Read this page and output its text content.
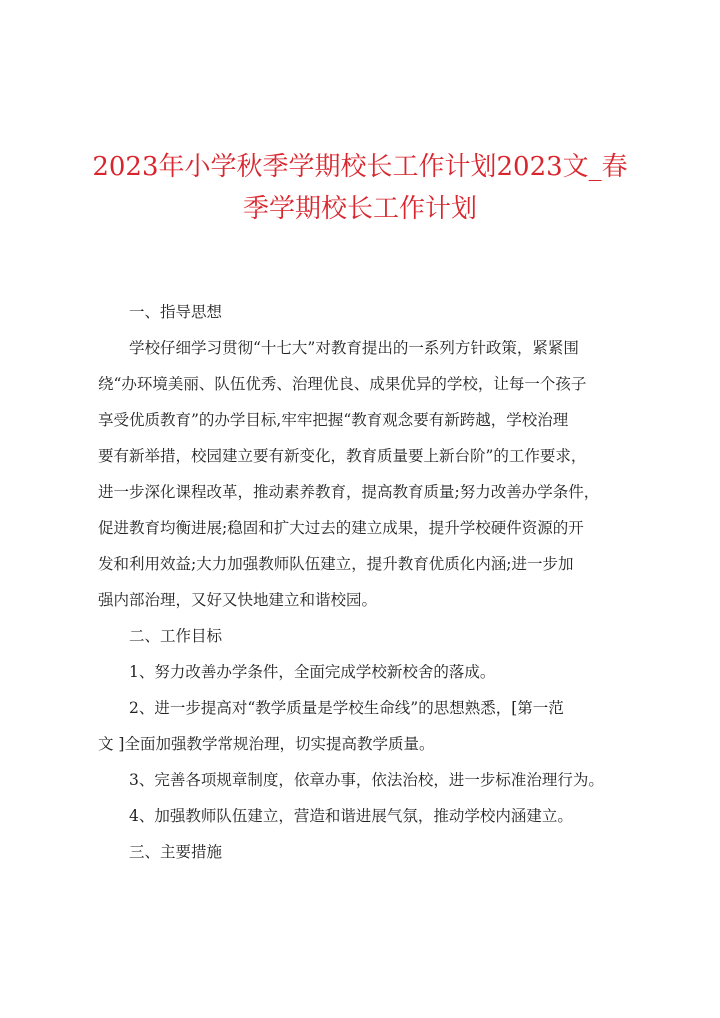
2023年小学秋季学期校长工作计划2023文_春
季学期校长工作计划
一、指导思想
学校仔细学习贯彻“十七大”对教育提出的一系列方针政策，紧紧围
绕“办环境美丽、队伍优秀、治理优良、成果优异的学校，让每一个孩子
享受优质教育”的办学目标,牢牢把握“教育观念要有新跨越，学校治理
要有新举措，校园建立要有新变化，教育质量要上新台阶”的工作要求，
进一步深化课程改革，推动素养教育，提高教育质量;努力改善办学条件，
促进教育均衡进展;稳固和扩大过去的建立成果，提升学校硬件资源的开
发和利用效益;大力加强教师队伍建立，提升教育优质化内涵;进一步加
强内部治理，又好又快地建立和谐校园。
二、工作目标
1、努力改善办学条件，全面完成学校新校舍的落成。
2、进一步提高对“教学质量是学校生命线”的思想熟悉，[第一范
文 ]全面加强教学常规治理，切实提高教学质量。
3、完善各项规章制度，依章办事，依法治校，进一步标准治理行为。
4、加强教师队伍建立，营造和谐进展气氛，推动学校内涵建立。
三、主要措施
